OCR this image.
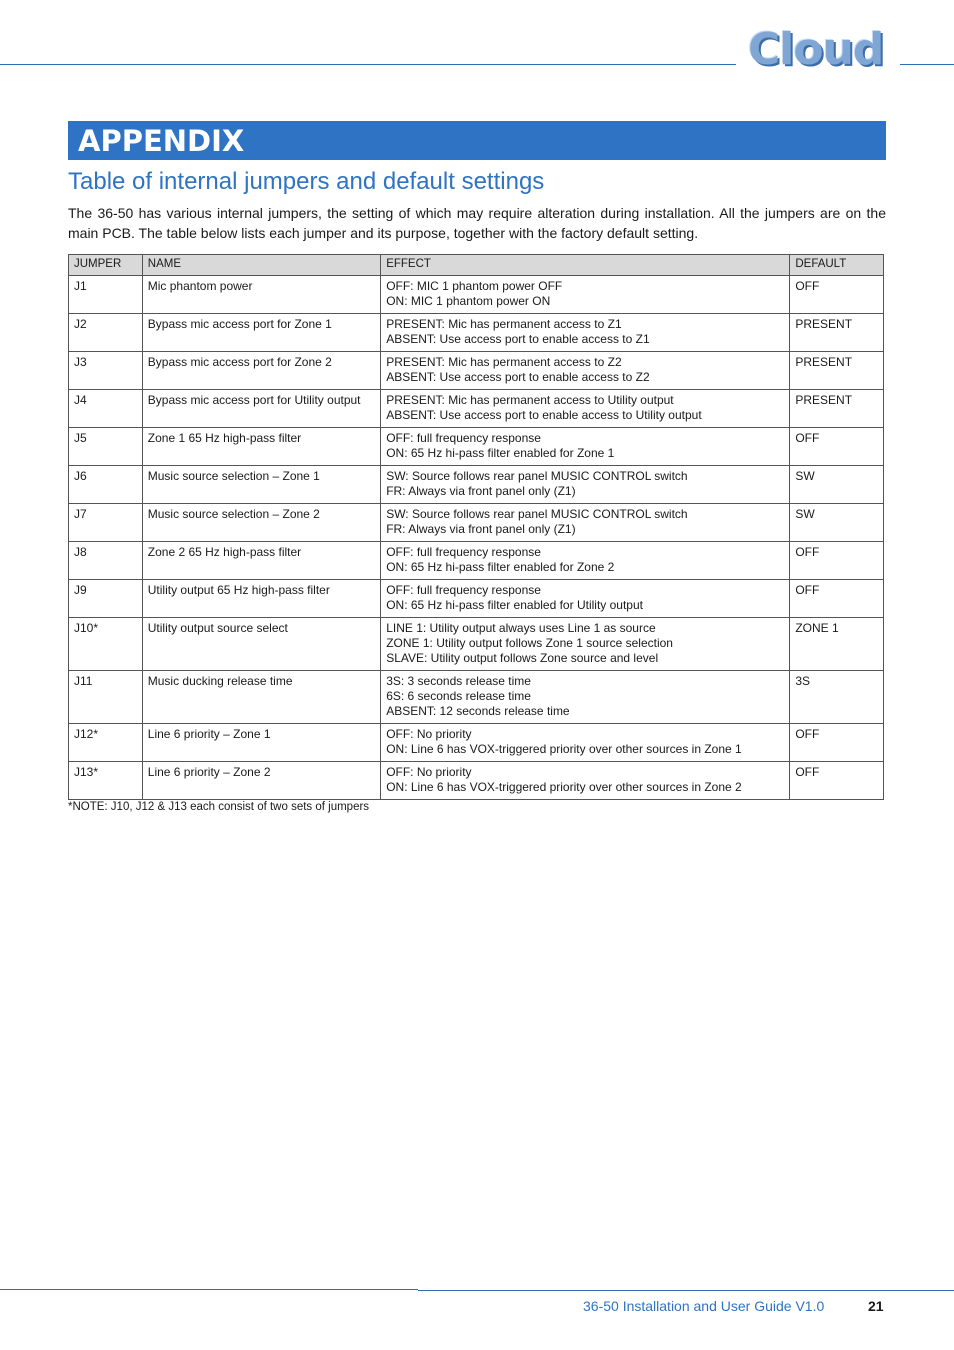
Cloud
APPENDIX
Table of internal jumpers and default settings
The 36-50 has various internal jumpers, the setting of which may require alteration during installation. All the jumpers are on the main PCB. The table below lists each jumper and its purpose, together with the factory default setting.
JUMPER	NAME	EFFECT	DEFAULT
J1	Mic phantom power	OFF: MIC 1 phantom power OFF
ON: MIC 1 phantom power ON	OFF
J2	Bypass mic access port for Zone 1	PRESENT: Mic has permanent access to Z1
ABSENT: Use access port to enable access to Z1	PRESENT
J3	Bypass mic access port for Zone 2	PRESENT: Mic has permanent access to Z2
ABSENT: Use access port to enable access to Z2	PRESENT
J4	Bypass mic access port for Utility output	PRESENT: Mic has permanent access to Utility output
ABSENT: Use access port to enable access to Utility output	PRESENT
J5	Zone 1 65 Hz high-pass filter	OFF: full frequency response
ON: 65 Hz hi-pass filter enabled for Zone 1	OFF
J6	Music source selection – Zone 1	SW: Source follows rear panel MUSIC CONTROL switch
FR: Always via front panel only (Z1)	SW
J7	Music source selection – Zone 2	SW: Source follows rear panel MUSIC CONTROL switch
FR: Always via front panel only (Z1)	SW
J8	Zone 2 65 Hz high-pass filter	OFF: full frequency response
ON: 65 Hz hi-pass filter enabled for Zone 2	OFF
J9	Utility output 65 Hz high-pass filter	OFF: full frequency response
ON: 65 Hz hi-pass filter enabled for Utility output	OFF
J10*	Utility output source select	LINE 1: Utility output always uses Line 1 as source
ZONE 1: Utility output follows Zone 1 source selection
SLAVE: Utility output follows Zone source and level	ZONE 1
J11	Music ducking release time	3S: 3 seconds release time
6S: 6 seconds release time
ABSENT: 12 seconds release time	3S
J12*	Line 6 priority – Zone 1	OFF: No priority
ON: Line 6 has VOX-triggered priority over other sources in Zone 1	OFF
J13*	Line 6 priority – Zone 2	OFF: No priority
ON: Line 6 has VOX-triggered priority over other sources in Zone 2	OFF
*NOTE: J10, J12 & J13 each consist of two sets of jumpers
36-50 Installation and User Guide V1.0	21
